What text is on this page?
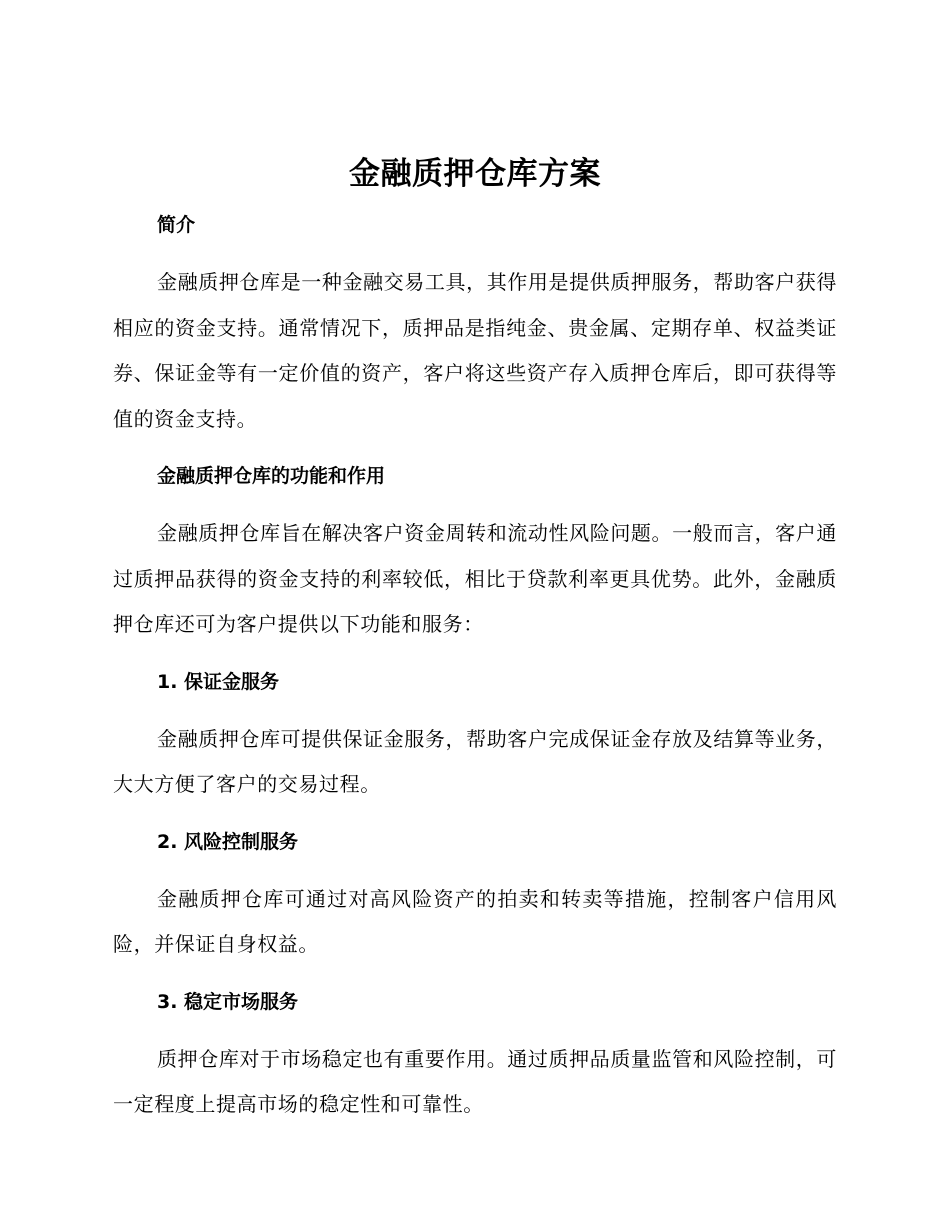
金融质押仓库方案
简介

金融质押仓库是一种金融交易工具，其作用是提供质押服务，帮助客户获得相应的资金支持。通常情况下，质押品是指纯金、贵金属、定期存单、权益类证券、保证金等有一定价值的资产，客户将这些资产存入质押仓库后，即可获得等值的资金支持。

金融质押仓库的功能和作用

金融质押仓库旨在解决客户资金周转和流动性风险问题。一般而言，客户通过质押品获得的资金支持的利率较低，相比于贷款利率更具优势。此外，金融质押仓库还可为客户提供以下功能和服务：

1. 保证金服务

金融质押仓库可提供保证金服务，帮助客户完成保证金存放及结算等业务，大大方便了客户的交易过程。

2. 风险控制服务

金融质押仓库可通过对高风险资产的拍卖和转卖等措施，控制客户信用风险，并保证自身权益。

3. 稳定市场服务

质押仓库对于市场稳定也有重要作用。通过质押品质量监管和风险控制，可一定程度上提高市场的稳定性和可靠性。
